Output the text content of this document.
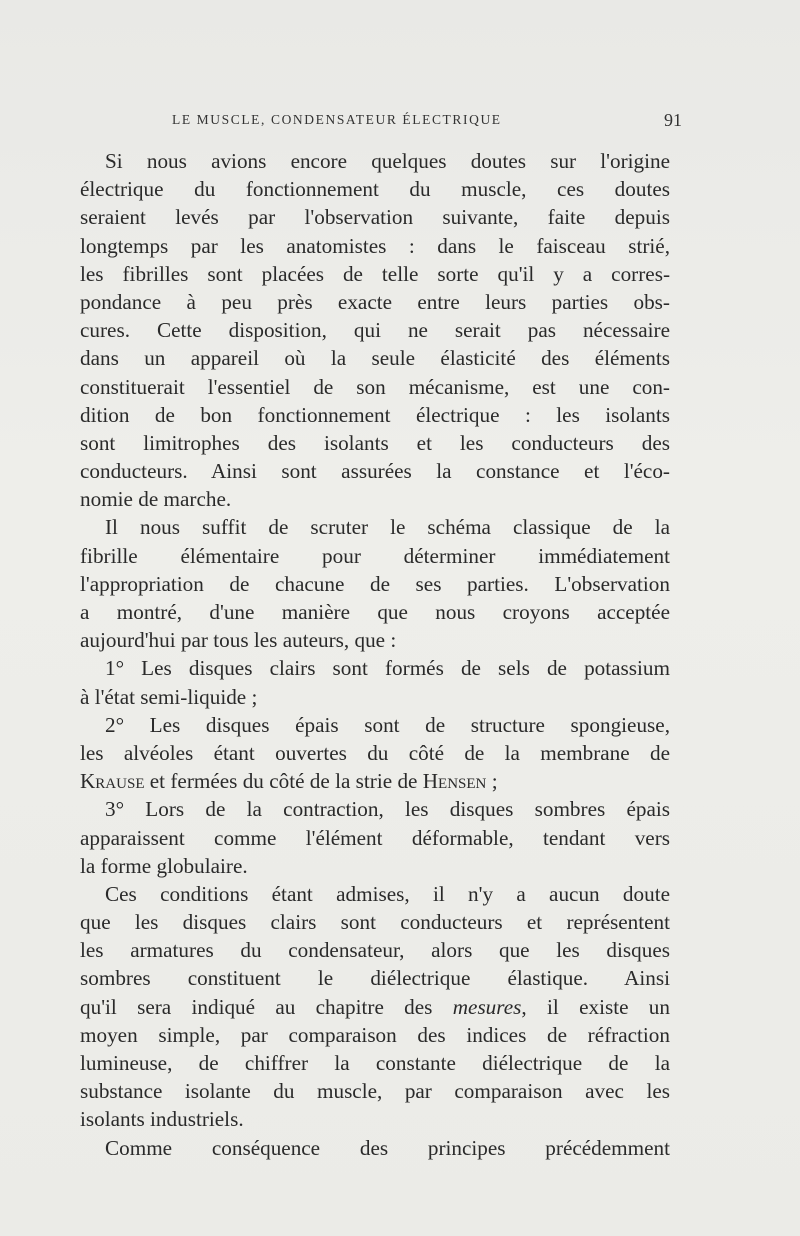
LE MUSCLE, CONDENSATEUR ÉLECTRIQUE	91
Si nous avions encore quelques doutes sur l'origine
électrique du fonctionnement du muscle, ces doutes
seraient levés par l'observation suivante, faite depuis
longtemps par les anatomistes : dans le faisceau strié,
les fibrilles sont placées de telle sorte qu'il y a corres-
pondance à peu près exacte entre leurs parties obs-
cures. Cette disposition, qui ne serait pas nécessaire
dans un appareil où la seule élasticité des éléments
constituerait l'essentiel de son mécanisme, est une con-
dition de bon fonctionnement électrique : les isolants
sont limitrophes des isolants et les conducteurs des
conducteurs. Ainsi sont assurées la constance et l'éco-
nomie de marche.
Il nous suffit de scruter le schéma classique de la
fibrille élémentaire pour déterminer immédiatement
l'appropriation de chacune de ses parties. L'observation
a montré, d'une manière que nous croyons acceptée
aujourd'hui par tous les auteurs, que :
1° Les disques clairs sont formés de sels de potassium
à l'état semi-liquide ;
2° Les disques épais sont de structure spongieuse,
les alvéoles étant ouvertes du côté de la membrane de
Krause et fermées du côté de la strie de Hensen ;
3° Lors de la contraction, les disques sombres épais
apparaissent comme l'élément déformable, tendant vers
la forme globulaire.
Ces conditions étant admises, il n'y a aucun doute
que les disques clairs sont conducteurs et représentent
les armatures du condensateur, alors que les disques
sombres constituent le diélectrique élastique. Ainsi
qu'il sera indiqué au chapitre des mesures, il existe un
moyen simple, par comparaison des indices de réfraction
lumineuse, de chiffrer la constante diélectrique de la
substance isolante du muscle, par comparaison avec les
isolants industriels.
Comme conséquence des principes précédemment
